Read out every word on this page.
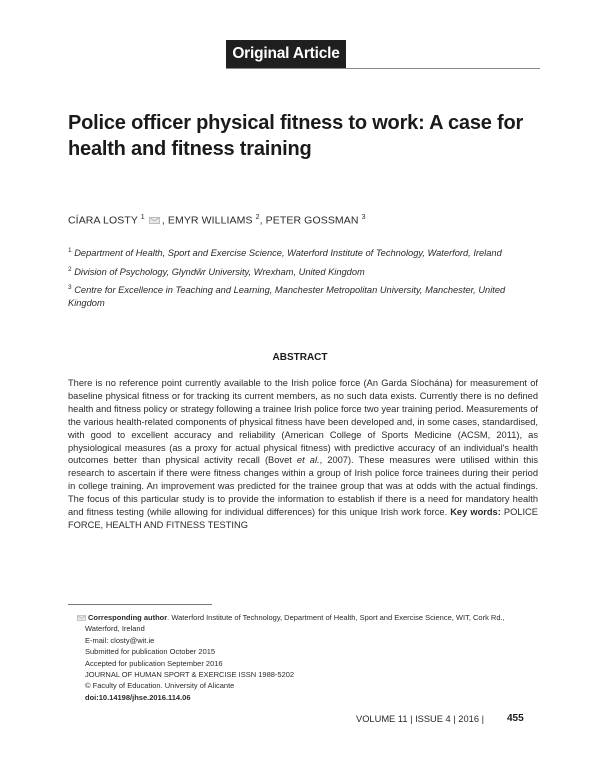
Original Article
Police officer physical fitness to work: A case for health and fitness training
CÍARA LOSTY $^1$ , EMYR WILLIAMS $^2$, PETER GOSSMAN $^3$
$^1$ Department of Health, Sport and Exercise Science, Waterford Institute of Technology, Waterford, Ireland
$^2$ Division of Psychology, Glyndŵr University, Wrexham, United Kingdom
$^3$ Centre for Excellence in Teaching and Learning, Manchester Metropolitan University, Manchester, United Kingdom
ABSTRACT
There is no reference point currently available to the Irish police force (An Garda Síochána) for measurement of baseline physical fitness or for tracking its current members, as no such data exists. Currently there is no defined health and fitness policy or strategy following a trainee Irish police force two year training period. Measurements of the various health-related components of physical fitness have been developed and, in some cases, standardised, with good to excellent accuracy and reliability (American College of Sports Medicine (ACSM, 2011), as physiological measures (as a proxy for actual physical fitness) with predictive accuracy of an individual's health outcomes better than physical activity recall (Bovet et al., 2007). These measures were utilised within this research to ascertain if there were fitness changes within a group of Irish police force trainees during their period in college training. An improvement was predicted for the trainee group that was at odds with the actual findings. The focus of this particular study is to provide the information to establish if there is a need for mandatory health and fitness testing (while allowing for individual differences) for this unique Irish work force. Key words: POLICE FORCE, HEALTH AND FITNESS TESTING
Corresponding author. Waterford Institute of Technology, Department of Health, Sport and Exercise Science, WIT, Cork Rd.,
Waterford, Ireland
E-mail: closty@wit.ie
Submitted for publication October 2015
Accepted for publication September 2016
JOURNAL OF HUMAN SPORT & EXERCISE ISSN 1988-5202
© Faculty of Education. University of Alicante
doi:10.14198/jhse.2016.114.06
VOLUME 11 | ISSUE 4 | 2016 | 455
